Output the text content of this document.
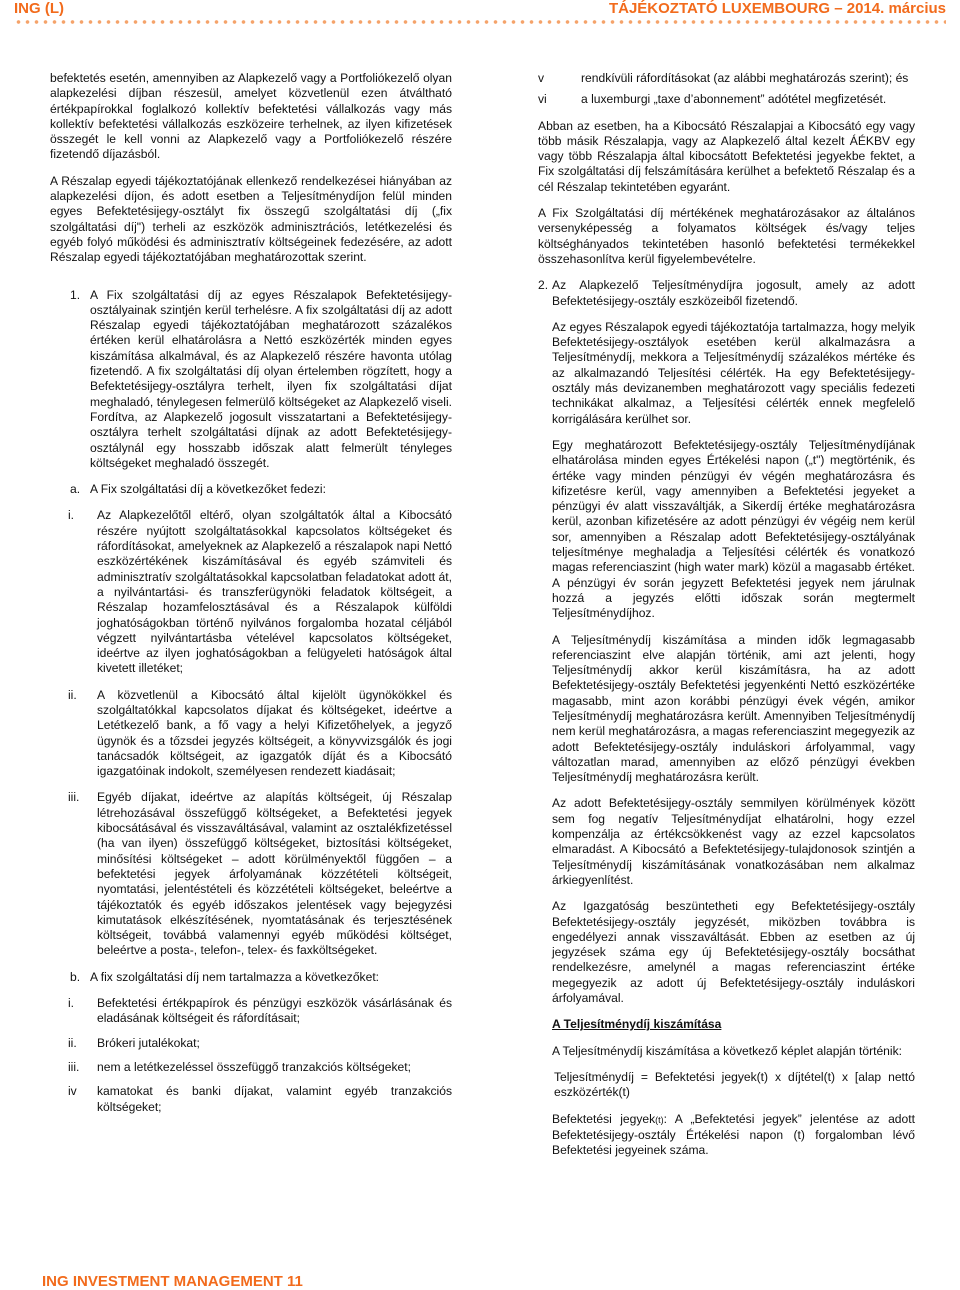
ING (L)	TÁJÉKOZTATÓ LUXEMBOURG – 2014. március

befektetés esetén, amennyiben az Alapkezelő vagy a Portfoliókezelő olyan alapkezelési díjban részesül, amelyet közvetlenül ezen átváltható értékpapírokkal foglalkozó kollektív befektetési vállalkozás vagy más kollektív befektetési vállalkozás eszközeire terhelnek, az ilyen kifizetések összegét le kell vonni az Alapkezelő vagy a Portfoliókezelő részére fizetendő díjazásból.

A Részalap egyedi tájékoztatójának ellenkező rendelkezései hiányában az alapkezelési díjon, és adott esetben a Teljesítménydíjon felül minden egyes Befektetésijegy-osztályt fix összegű szolgáltatási díj („fix szolgáltatási díj") terheli az eszközök adminisztrációs, letétkezelési és egyéb folyó működési és adminisztratív költségeinek fedezésére, az adott Részalap egyedi tájékoztatójában meghatározottak szerint.

1. A Fix szolgáltatási díj az egyes Részalapok Befektetésijegy-osztályainak szintjén kerül terhelésre. A fix szolgáltatási díj az adott Részalap egyedi tájékoztatójában meghatározott százalékos értéken kerül elhatárolásra a Nettó eszközérték minden egyes kiszámítása alkalmával, és az Alapkezelő részére havonta utólag fizetendő. A fix szolgáltatási díj olyan értelemben rögzített, hogy a Befektetésijegy-osztályra terhelt, ilyen fix szolgáltatási díjat meghaladó, ténylegesen felmerülő költségeket az Alapkezelő viseli. Fordítva, az Alapkezelő jogosult visszatartani a Befektetésijegy-osztályra terhelt szolgáltatási díjnak az adott Befektetésijegy-osztálynál egy hosszabb időszak alatt felmerült tényleges költségeket meghaladó összegét.
a. A Fix szolgáltatási díj a következőket fedezi:
i. Az Alapkezelőtől eltérő, olyan szolgáltatók által a Kibocsátó részére nyújtott szolgáltatásokkal kapcsolatos költségeket és ráfordításokat, amelyeknek az Alapkezelő a részalapok napi Nettó eszközértékének kiszámításával és egyéb számviteli és adminisztratív szolgáltatásokkal kapcsolatban feladatokat adott át, a nyilvántartási- és transzferügynöki feladatok költségeit, a Részalap hozamfelosztásával és a Részalapok külföldi joghatóságokban történő nyilvános forgalomba hozatal céljából végzett nyilvántartásba vételével kapcsolatos költségeket, ideértve az ilyen joghatóságokban a felügyeleti hatóságok által kivetett illetéket;
ii. A közvetlenül a Kibocsátó által kijelölt ügynökökkel és szolgáltatókkal kapcsolatos díjakat és költségeket, ideértve a Letétkezelő bank, a fő vagy a helyi Kifizetőhelyek, a jegyző ügynök és a tőzsdei jegyzés költségeit, a könyvvizsgálók és jogi tanácsadók költségeit, az igazgatók díját és a Kibocsátó igazgatóinak indokolt, személyesen rendezett kiadásait;
iii. Egyéb díjakat, ideértve az alapítás költségeit, új Részalap létrehozásával összefüggő költségeket, a Befektetési jegyek kibocsátásával és visszaváltásával, valamint az osztalékfizetéssel (ha van ilyen) összefüggő költségeket, biztosítási költségeket, minősítési költségeket – adott körülményektől függően – a befektetési jegyek árfolyamának közzétételi költségeit, nyomtatási, jelentéstételi és közzétételi költségeket, beleértve a tájékoztatók és egyéb időszakos jelentések vagy bejegyzési kimutatások elkészítésének, nyomtatásának és terjesztésének költségeit, továbbá valamennyi egyéb működési költséget, beleértve a posta-, telefon-, telex- és faxköltségeket.
b. A fix szolgáltatási díj nem tartalmazza a következőket:
i. Befektetési értékpapírok és pénzügyi eszközök vásárlásának és eladásának költségeit és ráfordításait;
ii. Brókeri jutalékokat;
iii. nem a letétkezeléssel összefüggő tranzakciós költségeket;
iv kamatokat és banki díjakat, valamint egyéb tranzakciós költségeket;
v	rendkívüli ráfordításokat (az alábbi meghatározás szerint); és
vi	a luxemburgi „taxe d’abonnement” adótétel megfizetését.

Abban az esetben, ha a Kibocsátó Részalapjai a Kibocsátó egy vagy több másik Részalapja, vagy az Alapkezelő által kezelt ÁÉKBV egy vagy több Részalapja által kibocsátott Befektetési jegyekbe fektet, a Fix szolgáltatási díj felszámítására kerülhet a befektető Részalap és a cél Részalap tekintetében egyaránt.

A Fix Szolgáltatási díj mértékének meghatározásakor az általános versenyképesség a folyamatos költségek és/vagy teljes költséghányados tekintetében hasonló befektetési termékekkel összehasonlítva kerül figyelembevételre.

2. Az Alapkezelő Teljesítménydíjra jogosult, amely az adott Befektetésijegy-osztály eszközeiből fizetendő.

Az egyes Részalapok egyedi tájékoztatója tartalmazza, hogy melyik Befektetésijegy-osztályok esetében kerül alkalmazásra a Teljesítménydíj, mekkora a Teljesítménydíj százalékos mértéke és az alkalmazandó Teljesítési célérték. Ha egy Befektetésijegy-osztály más devizanemben meghatározott vagy speciális fedezeti technikákat alkalmaz, a Teljesítési célérték ennek megfelelő korrigálására kerülhet sor.

Egy meghatározott Befektetésijegy-osztály Teljesítménydíjának elhatárolása minden egyes Értékelési napon („t") megtörténik, és értéke vagy minden pénzügyi év végén meghatározásra és kifizetésre kerül, vagy amennyiben a Befektetési jegyeket a pénzügyi év alatt visszaváltják, a Sikerdíj értéke meghatározásra kerül, azonban kifizetésére az adott pénzügyi év végéig nem kerül sor, amennyiben a Részalap adott Befektetésijegy-osztályának teljesítménye meghaladja a Teljesítési célérték és vonatkozó magas referenciaszint (high water mark) közül a magasabb értéket. A pénzügyi év során jegyzett Befektetési jegyek nem járulnak hozzá a jegyzés előtti időszak során megtermelt Teljesítménydíjhoz.

A Teljesítménydíj kiszámítása a minden idők legmagasabb referenciaszint elve alapján történik, ami azt jelenti, hogy Teljesítménydíj akkor kerül kiszámításra, ha az adott Befektetésijegy-osztály Befektetési jegyenkénti Nettó eszközértéke magasabb, mint azon korábbi pénzügyi évek végén, amikor Teljesítménydíj meghatározásra került. Amennyiben Teljesítménydíj nem kerül meghatározásra, a magas referenciaszint megegyezik az adott Befektetésijegy-osztály induláskori árfolyammal, vagy változatlan marad, amennyiben az előző pénzügyi években Teljesítménydíj meghatározásra került.

Az adott Befektetésijegy-osztály semmilyen körülmények között sem fog negatív Teljesítménydíjat elhatárolni, hogy ezzel kompenzálja az értékcsökkenést vagy az ezzel kapcsolatos elmaradást. A Kibocsátó a Befektetésijegy-tulajdonosok szintjén a Teljesítménydíj kiszámításának vonatkozásában nem alkalmaz árkiegyenlítést.

Az Igazgatóság beszüntetheti egy Befektetésijegy-osztály Befektetésijegy-osztály jegyzését, miközben továbbra is engedélyezi annak visszaváltását. Ebben az esetben az új jegyzések száma egy új Befektetésijegy-osztály bocsáthat rendelkezésre, amelynél a magas referenciaszint értéke megegyezik az adott új Befektetésijegy-osztály induláskori árfolyamával.

A Teljesítménydíj kiszámítása

A Teljesítménydíj kiszámítása a következő képlet alapján történik:

Teljesítménydíj = Befektetési jegyek(t) x díjtétel(t) x [alap nettó eszközérték(t)

Befektetési jegyek(t): A „Befektetési jegyek” jelentése az adott Befektetésijegy-osztály Értékelési napon (t) forgalomban lévő Befektetési jegyeinek száma.

ING INVESTMENT MANAGEMENT 11
